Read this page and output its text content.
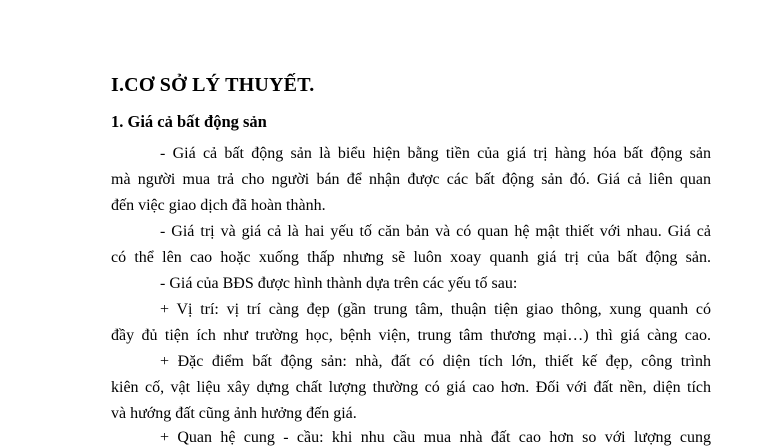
I.CƠ SỞ LÝ THUYẾT.
1. Giá cả bất động sản
- Giá cả bất động sản là biểu hiện bằng tiền của giá trị hàng hóa bất động sản
mà người mua trả cho người bán để nhận được các bất động sản đó. Giá cả liên quan
đến việc giao dịch đã hoàn thành.
- Giá trị và giá cả là hai yếu tố căn bản và có quan hệ mật thiết với nhau. Giá cả
có thể lên cao hoặc xuống thấp nhưng sẽ luôn xoay quanh giá trị của bất động sản.
- Giá của BĐS được hình thành dựa trên các yếu tố sau:
+ Vị trí: vị trí càng đẹp (gần trung tâm, thuận tiện giao thông, xung quanh có
đầy đủ tiện ích như trường học, bệnh viện, trung tâm thương mại…) thì giá càng cao.
+ Đặc điểm bất động sản: nhà, đất có diện tích lớn, thiết kế đẹp, công trình
kiên cố, vật liệu xây dựng chất lượng thường có giá cao hơn. Đối với đất nền, diện tích
và hướng đất cũng ảnh hưởng đến giá.
+ Quan hệ cung - cầu: khi nhu cầu mua nhà đất cao hơn so với lượng cung
